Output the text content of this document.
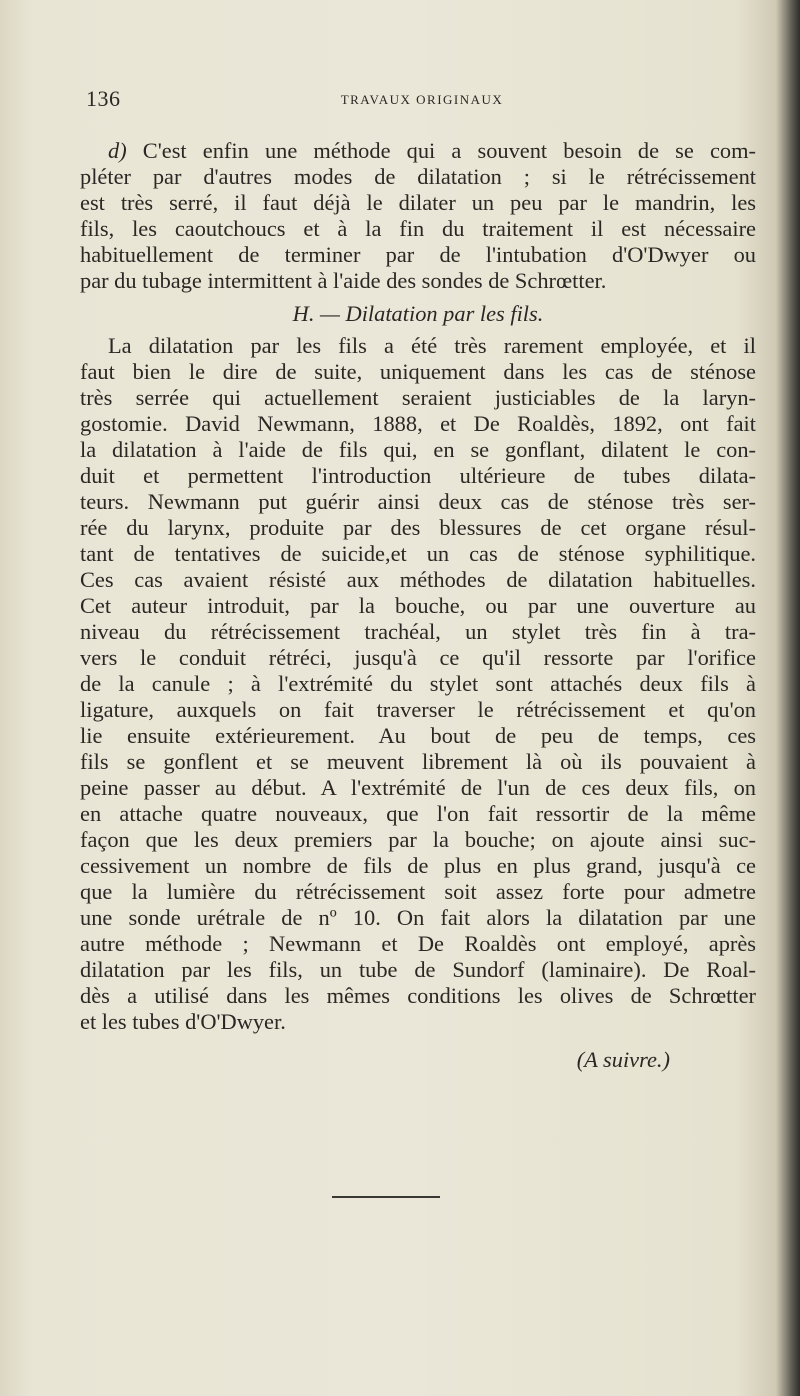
136	TRAVAUX ORIGINAUX
d) C'est enfin une méthode qui a souvent besoin de se com-
pléter par d'autres modes de dilatation ; si le rétrécissement
est très serré, il faut déjà le dilater un peu par le mandrin, les
fils, les caoutchoucs et à la fin du traitement il est nécessaire
habituellement de terminer par de l'intubation d'O'Dwyer ou
par du tubage intermittent à l'aide des sondes de Schrœtter.
H. — Dilatation par les fils.
La dilatation par les fils a été très rarement employée, et il
faut bien le dire de suite, uniquement dans les cas de sténose
très serrée qui actuellement seraient justiciables de la laryn-
gostomie. David Newmann, 1888, et De Roaldès, 1892, ont fait
la dilatation à l'aide de fils qui, en se gonflant, dilatent le con-
duit et permettent l'introduction ultérieure de tubes dilata-
teurs. Newmann put guérir ainsi deux cas de sténose très ser-
rée du larynx, produite par des blessures de cet organe résul-
tant de tentatives de suicide,et un cas de sténose syphilitique.
Ces cas avaient résisté aux méthodes de dilatation habituelles.
Cet auteur introduit, par la bouche, ou par une ouverture au
niveau du rétrécissement trachéal, un stylet très fin à tra-
vers le conduit rétréci, jusqu'à ce qu'il ressorte par l'orifice
de la canule ; à l'extrémité du stylet sont attachés deux fils à
ligature, auxquels on fait traverser le rétrécissement et qu'on
lie ensuite extérieurement. Au bout de peu de temps, ces
fils se gonflent et se meuvent librement là où ils pouvaient à
peine passer au début. A l'extrémité de l'un de ces deux fils, on
en attache quatre nouveaux, que l'on fait ressortir de la même
façon que les deux premiers par la bouche; on ajoute ainsi suc-
cessivement un nombre de fils de plus en plus grand, jusqu'à ce
que la lumière du rétrécissement soit assez forte pour admetre
une sonde urétrale de nº 10. On fait alors la dilatation par une
autre méthode ; Newmann et De Roaldès ont employé, après
dilatation par les fils, un tube de Sundorf (laminaire). De Roal-
dès a utilisé dans les mêmes conditions les olives de Schrœtter
et les tubes d'O'Dwyer.
(A suivre.)
